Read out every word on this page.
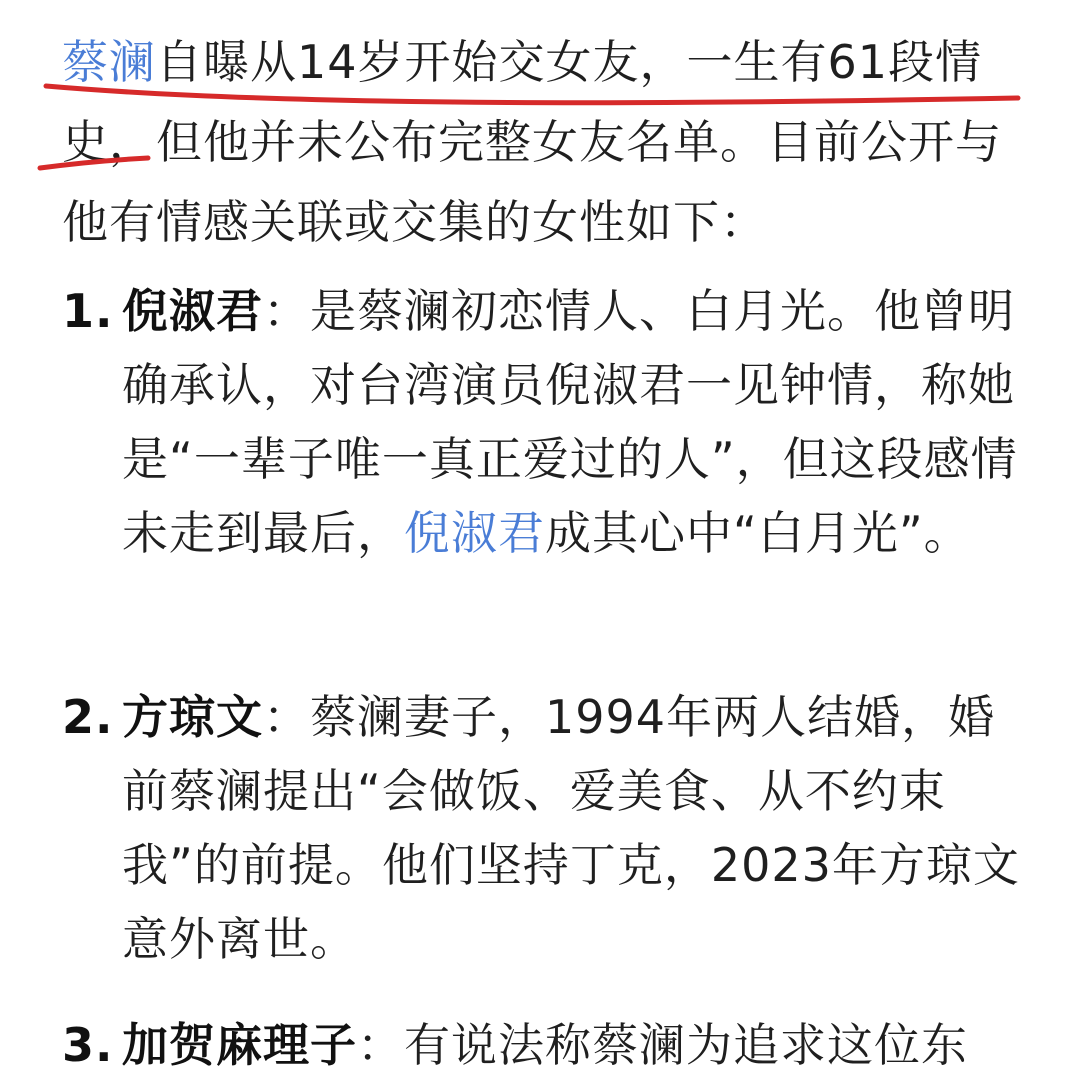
蔡澜自曝从14岁开始交女友，一生有61段情史，但他并未公布完整女友名单。目前公开与他有情感关联或交集的女性如下：

1. 倪淑君：是蔡澜初恋情人、白月光。他曾明确承认，对台湾演员倪淑君一见钟情，称她是“一辈子唯一真正爱过的人”，但这段感情未走到最后，倪淑君成其心中“白月光”。
2. 方琼文：蔡澜妻子，1994年两人结婚，婚前蔡澜提出“会做饭、爱美食、从不约束我”的前提。他们坚持丁克，2023年方琼文意外离世。
3. 加贺麻理子：有说法称蔡澜为追求这位东
